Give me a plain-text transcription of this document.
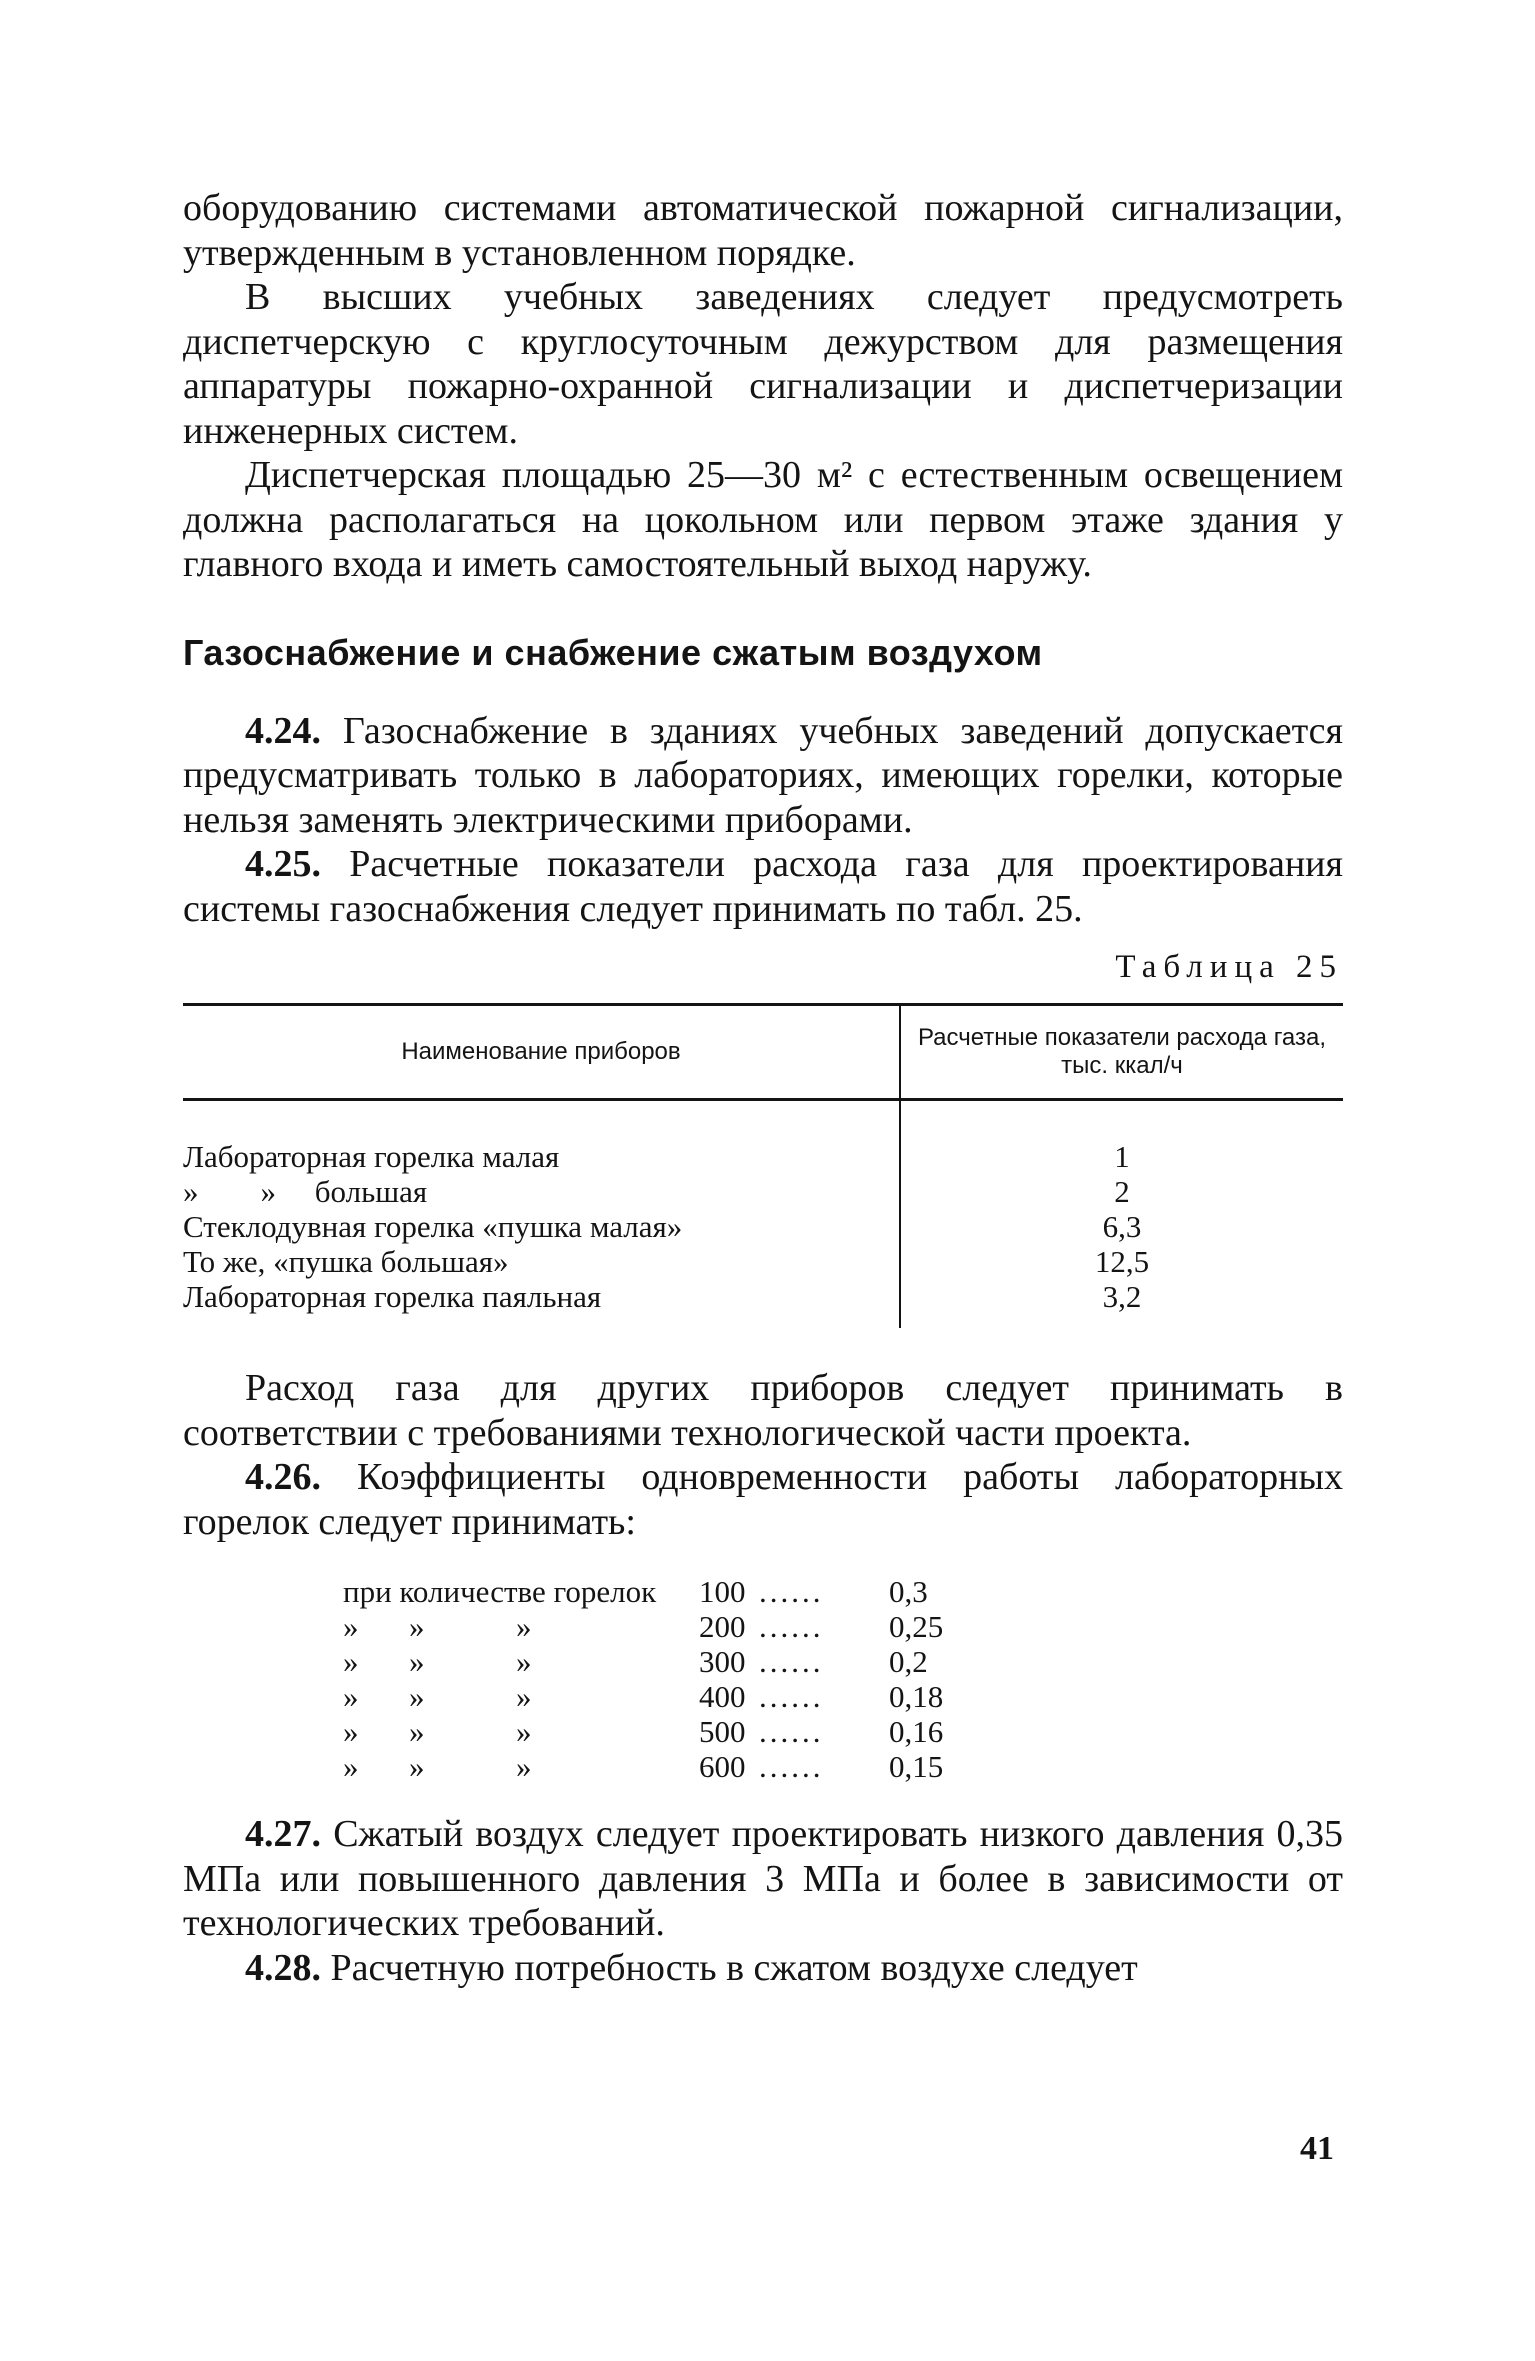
оборудованию системами автоматической пожарной сигнализации, утвержденным в установленном порядке.

В высших учебных заведениях следует предусмотреть диспетчерскую с круглосуточным дежурством для размещения аппаратуры пожарно-охранной сигнализации и диспетчеризации инженерных систем.

Диспетчерская площадью 25—30 м² с естественным освещением должна располагаться на цокольном или первом этаже здания у главного входа и иметь самостоятельный выход наружу.

Газоснабжение и снабжение сжатым воздухом

4.24. Газоснабжение в зданиях учебных заведений допускается предусматривать только в лабораториях, имеющих горелки, которые нельзя заменять электрическими приборами.

4.25. Расчетные показатели расхода газа для проектирования системы газоснабжения следует принимать по табл. 25.

Таблица 25
Наименование приборов	Расчетные показатели расхода газа, тыс. ккал/ч
Лабораторная горелка малая	1
»        »     большая	2
Стеклодувная горелка «пушка малая»	6,3
То же, «пушка большая»	12,5
Лабораторная горелка паяльная	3,2

Расход газа для других приборов следует принимать в соответствии с требованиями технологической части проекта.

4.26. Коэффициенты одновременности работы лабораторных горелок следует принимать:

при количестве горелок	100 ......	0,3
»	»	»	200 ......	0,25
»	»	»	300 ......	0,2
»	»	»	400 ......	0,18
»	»	»	500 ......	0,16
»	»	»	600 ......	0,15

4.27. Сжатый воздух следует проектировать низкого давления 0,35 МПа или повышенного давления 3 МПа и более в зависимости от технологических требований.

4.28. Расчетную потребность в сжатом воздухе следует

41
